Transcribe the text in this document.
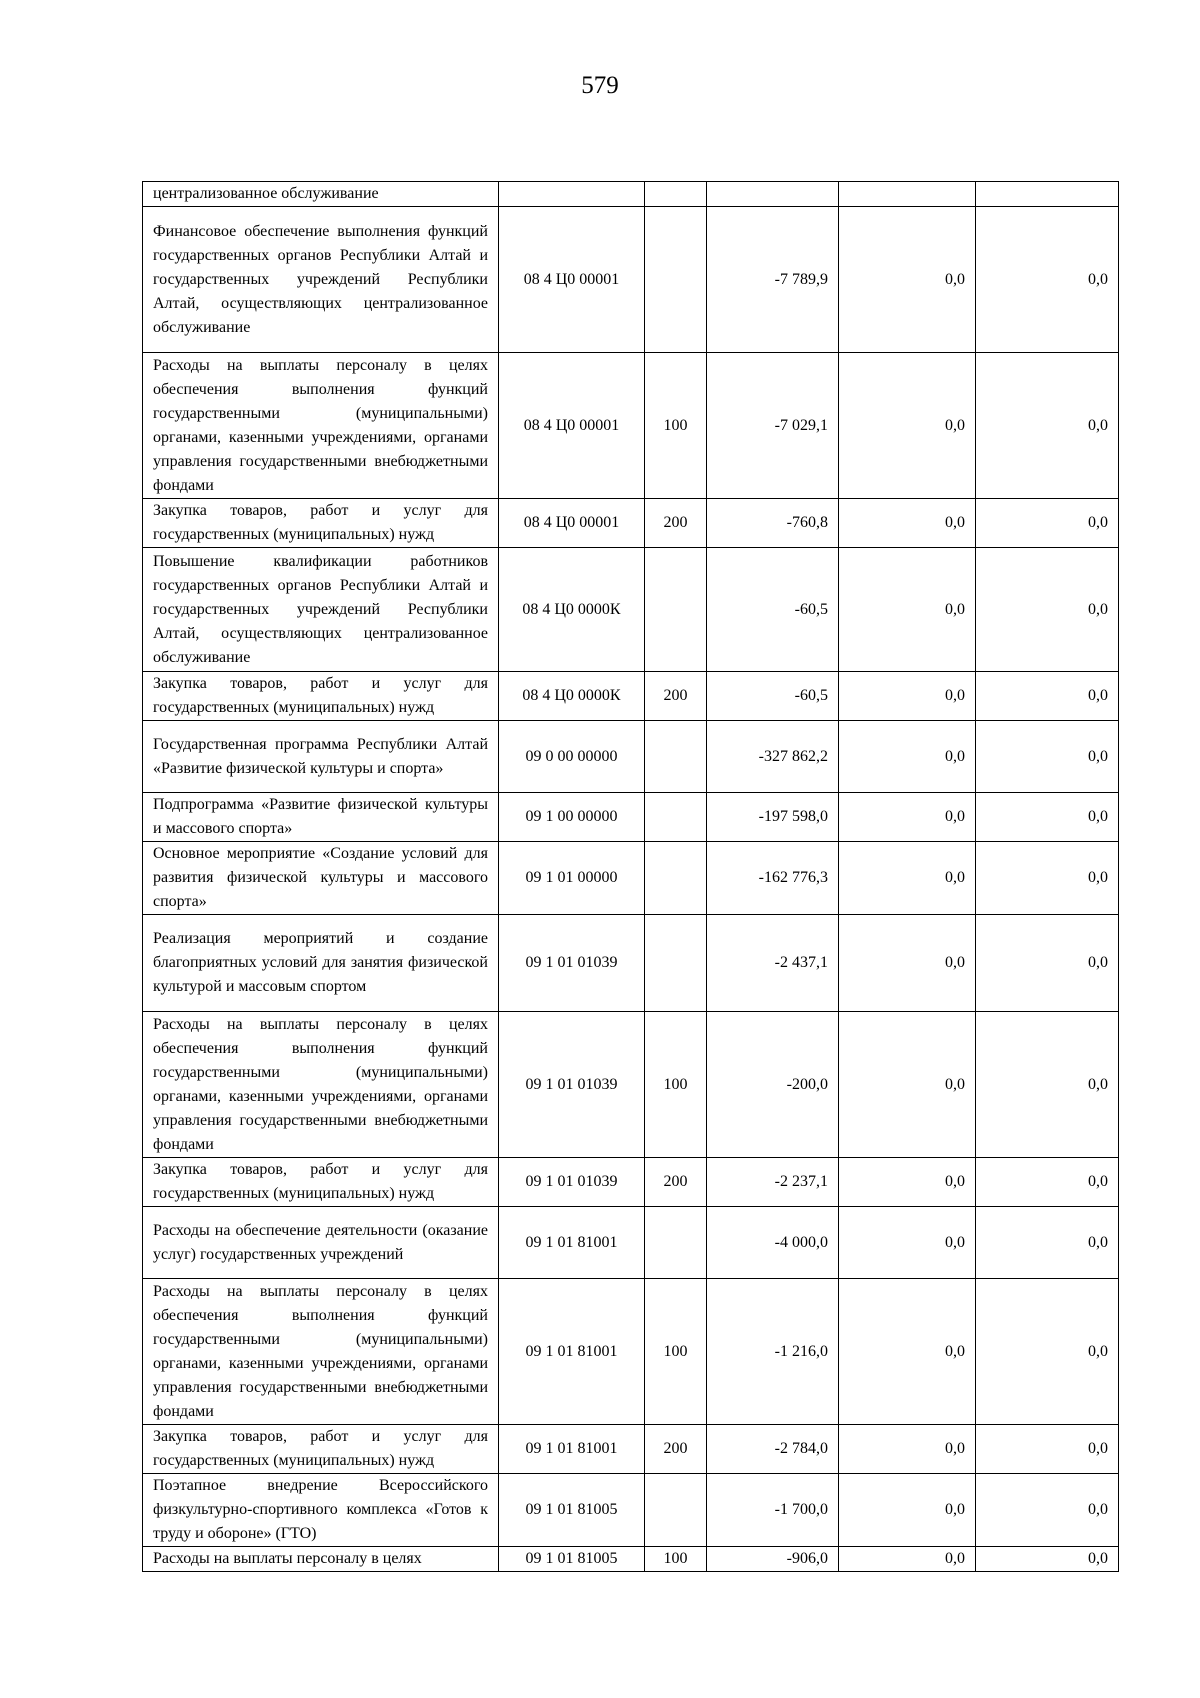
579
централизованное обслуживание					
Финансовое обеспечение выполнения функций государственных органов Республики Алтай и государственных учреждений Республики Алтай, осуществляющих централизованное обслуживание	08 4 Ц0 00001		-7 789,9	0,0	0,0
Расходы на выплаты персоналу в целях обеспечения выполнения функций государственными (муниципальными) органами, казенными учреждениями, органами управления государственными внебюджетными фондами	08 4 Ц0 00001	100	-7 029,1	0,0	0,0
Закупка товаров, работ и услуг для государственных (муниципальных) нужд	08 4 Ц0 00001	200	-760,8	0,0	0,0
Повышение квалификации работников государственных органов Республики Алтай и государственных учреждений Республики Алтай, осуществляющих централизованное обслуживание	08 4 Ц0 0000К		-60,5	0,0	0,0
Закупка товаров, работ и услуг для государственных (муниципальных) нужд	08 4 Ц0 0000К	200	-60,5	0,0	0,0
Государственная программа Республики Алтай «Развитие физической культуры и спорта»	09 0 00 00000		-327 862,2	0,0	0,0
Подпрограмма «Развитие физической культуры и массового спорта»	09 1 00 00000		-197 598,0	0,0	0,0
Основное мероприятие «Создание условий для развития физической культуры и массового спорта»	09 1 01 00000		-162 776,3	0,0	0,0
Реализация мероприятий и создание благоприятных условий для занятия физической культурой и массовым спортом	09 1 01 01039		-2 437,1	0,0	0,0
Расходы на выплаты персоналу в целях обеспечения выполнения функций государственными (муниципальными) органами, казенными учреждениями, органами управления государственными внебюджетными фондами	09 1 01 01039	100	-200,0	0,0	0,0
Закупка товаров, работ и услуг для государственных (муниципальных) нужд	09 1 01 01039	200	-2 237,1	0,0	0,0
Расходы на обеспечение деятельности (оказание услуг) государственных учреждений	09 1 01 81001		-4 000,0	0,0	0,0
Расходы на выплаты персоналу в целях обеспечения выполнения функций государственными (муниципальными) органами, казенными учреждениями, органами управления государственными внебюджетными фондами	09 1 01 81001	100	-1 216,0	0,0	0,0
Закупка товаров, работ и услуг для государственных (муниципальных) нужд	09 1 01 81001	200	-2 784,0	0,0	0,0
Поэтапное внедрение Всероссийского физкультурно-спортивного комплекса «Готов к труду и обороне» (ГТО)	09 1 01 81005		-1 700,0	0,0	0,0
Расходы на выплаты персоналу в целях	09 1 01 81005	100	-906,0	0,0	0,0
